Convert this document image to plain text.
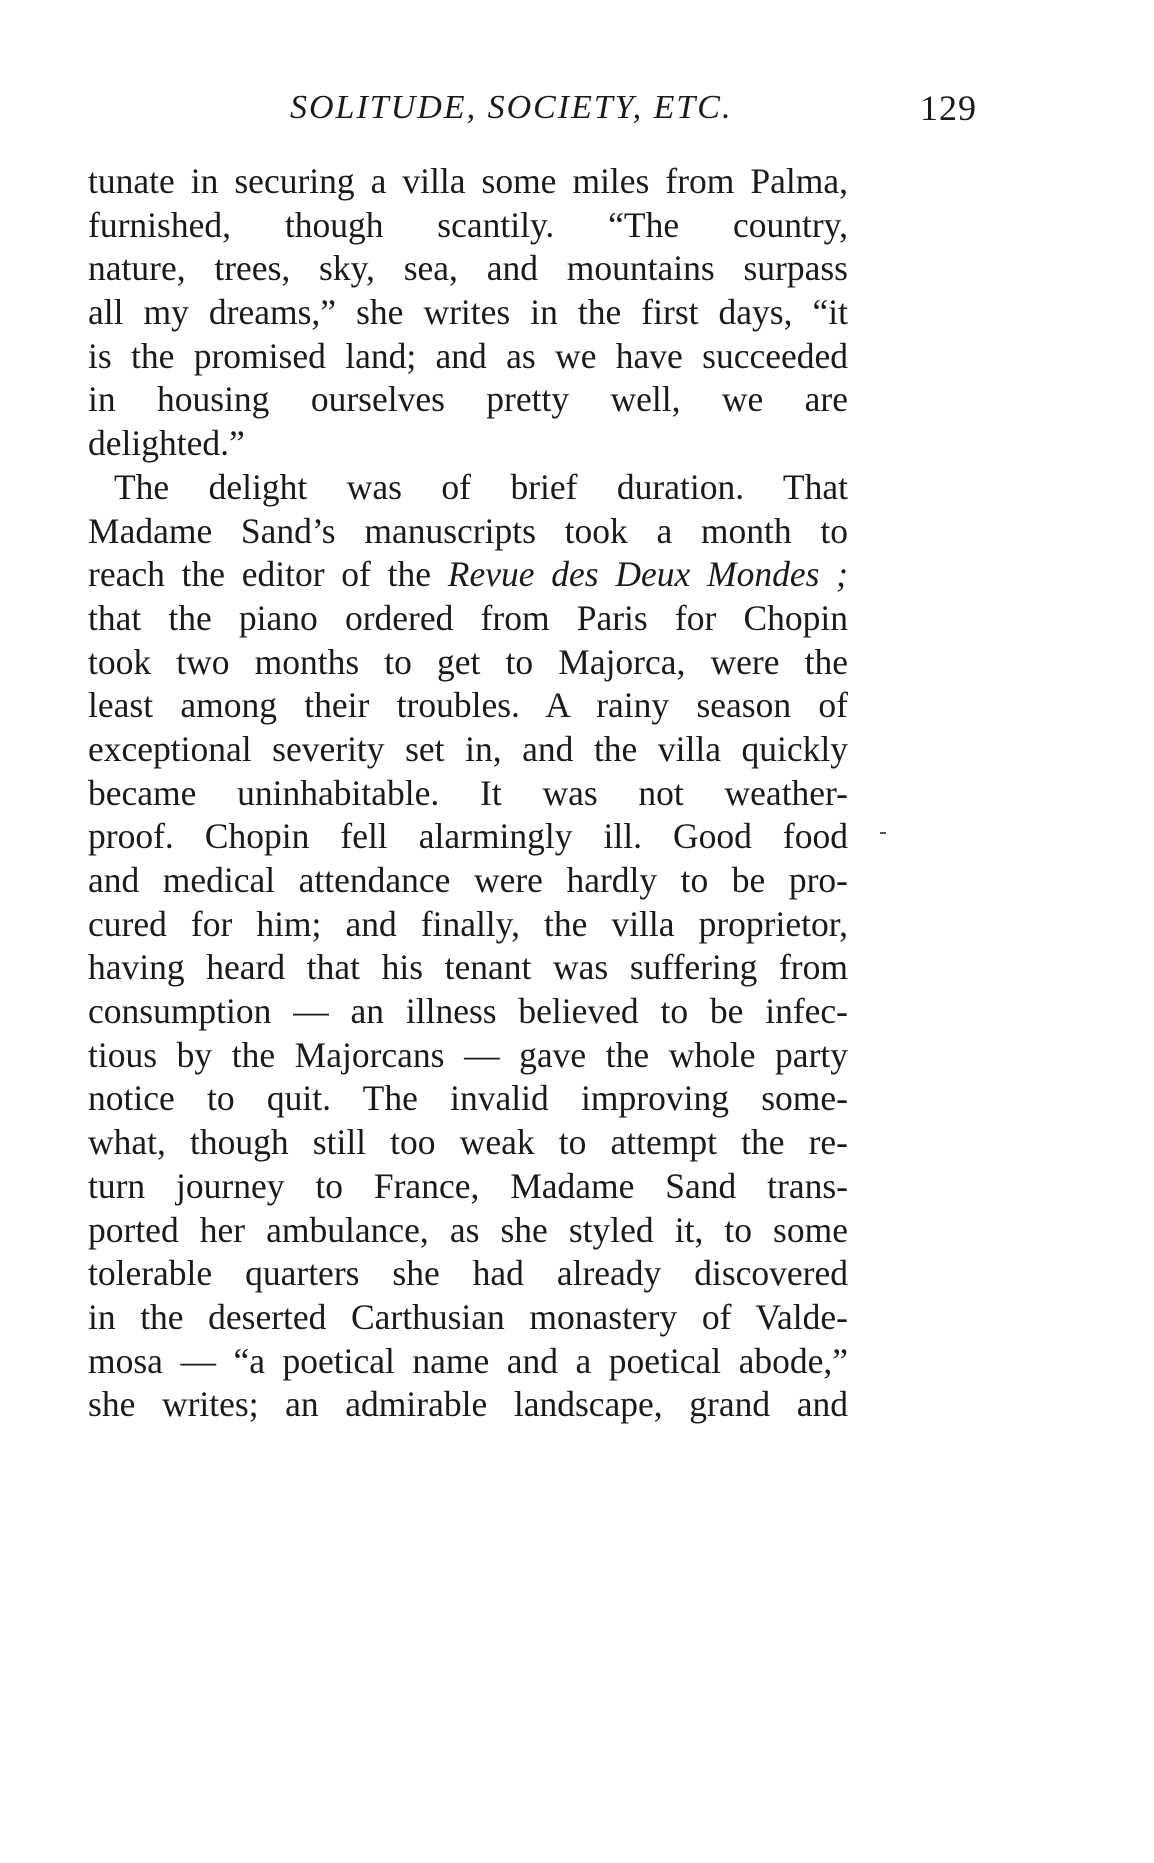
SOLITUDE, SOCIETY, ETC.	129
tunate in securing a villa some miles from Palma,
furnished, though scantily. “The country,
nature, trees, sky, sea, and mountains surpass
all my dreams,” she writes in the first days, “it
is the promised land; and as we have succeeded
in housing ourselves pretty well, we are
delighted.”
The delight was of brief duration. That
Madame Sand’s manuscripts took a month to
reach the editor of the Revue des Deux Mondes ;
that the piano ordered from Paris for Chopin
took two months to get to Majorca, were the
least among their troubles. A rainy season of
exceptional severity set in, and the villa quickly
became uninhabitable. It was not weather-
proof. Chopin fell alarmingly ill. Good food
and medical attendance were hardly to be pro-
cured for him; and finally, the villa proprietor,
having heard that his tenant was suffering from
consumption — an illness believed to be infec-
tious by the Majorcans — gave the whole party
notice to quit. The invalid improving some-
what, though still too weak to attempt the re-
turn journey to France, Madame Sand trans-
ported her ambulance, as she styled it, to some
tolerable quarters she had already discovered
in the deserted Carthusian monastery of Valde-
mosa — “a poetical name and a poetical abode,”
she writes; an admirable landscape, grand and
